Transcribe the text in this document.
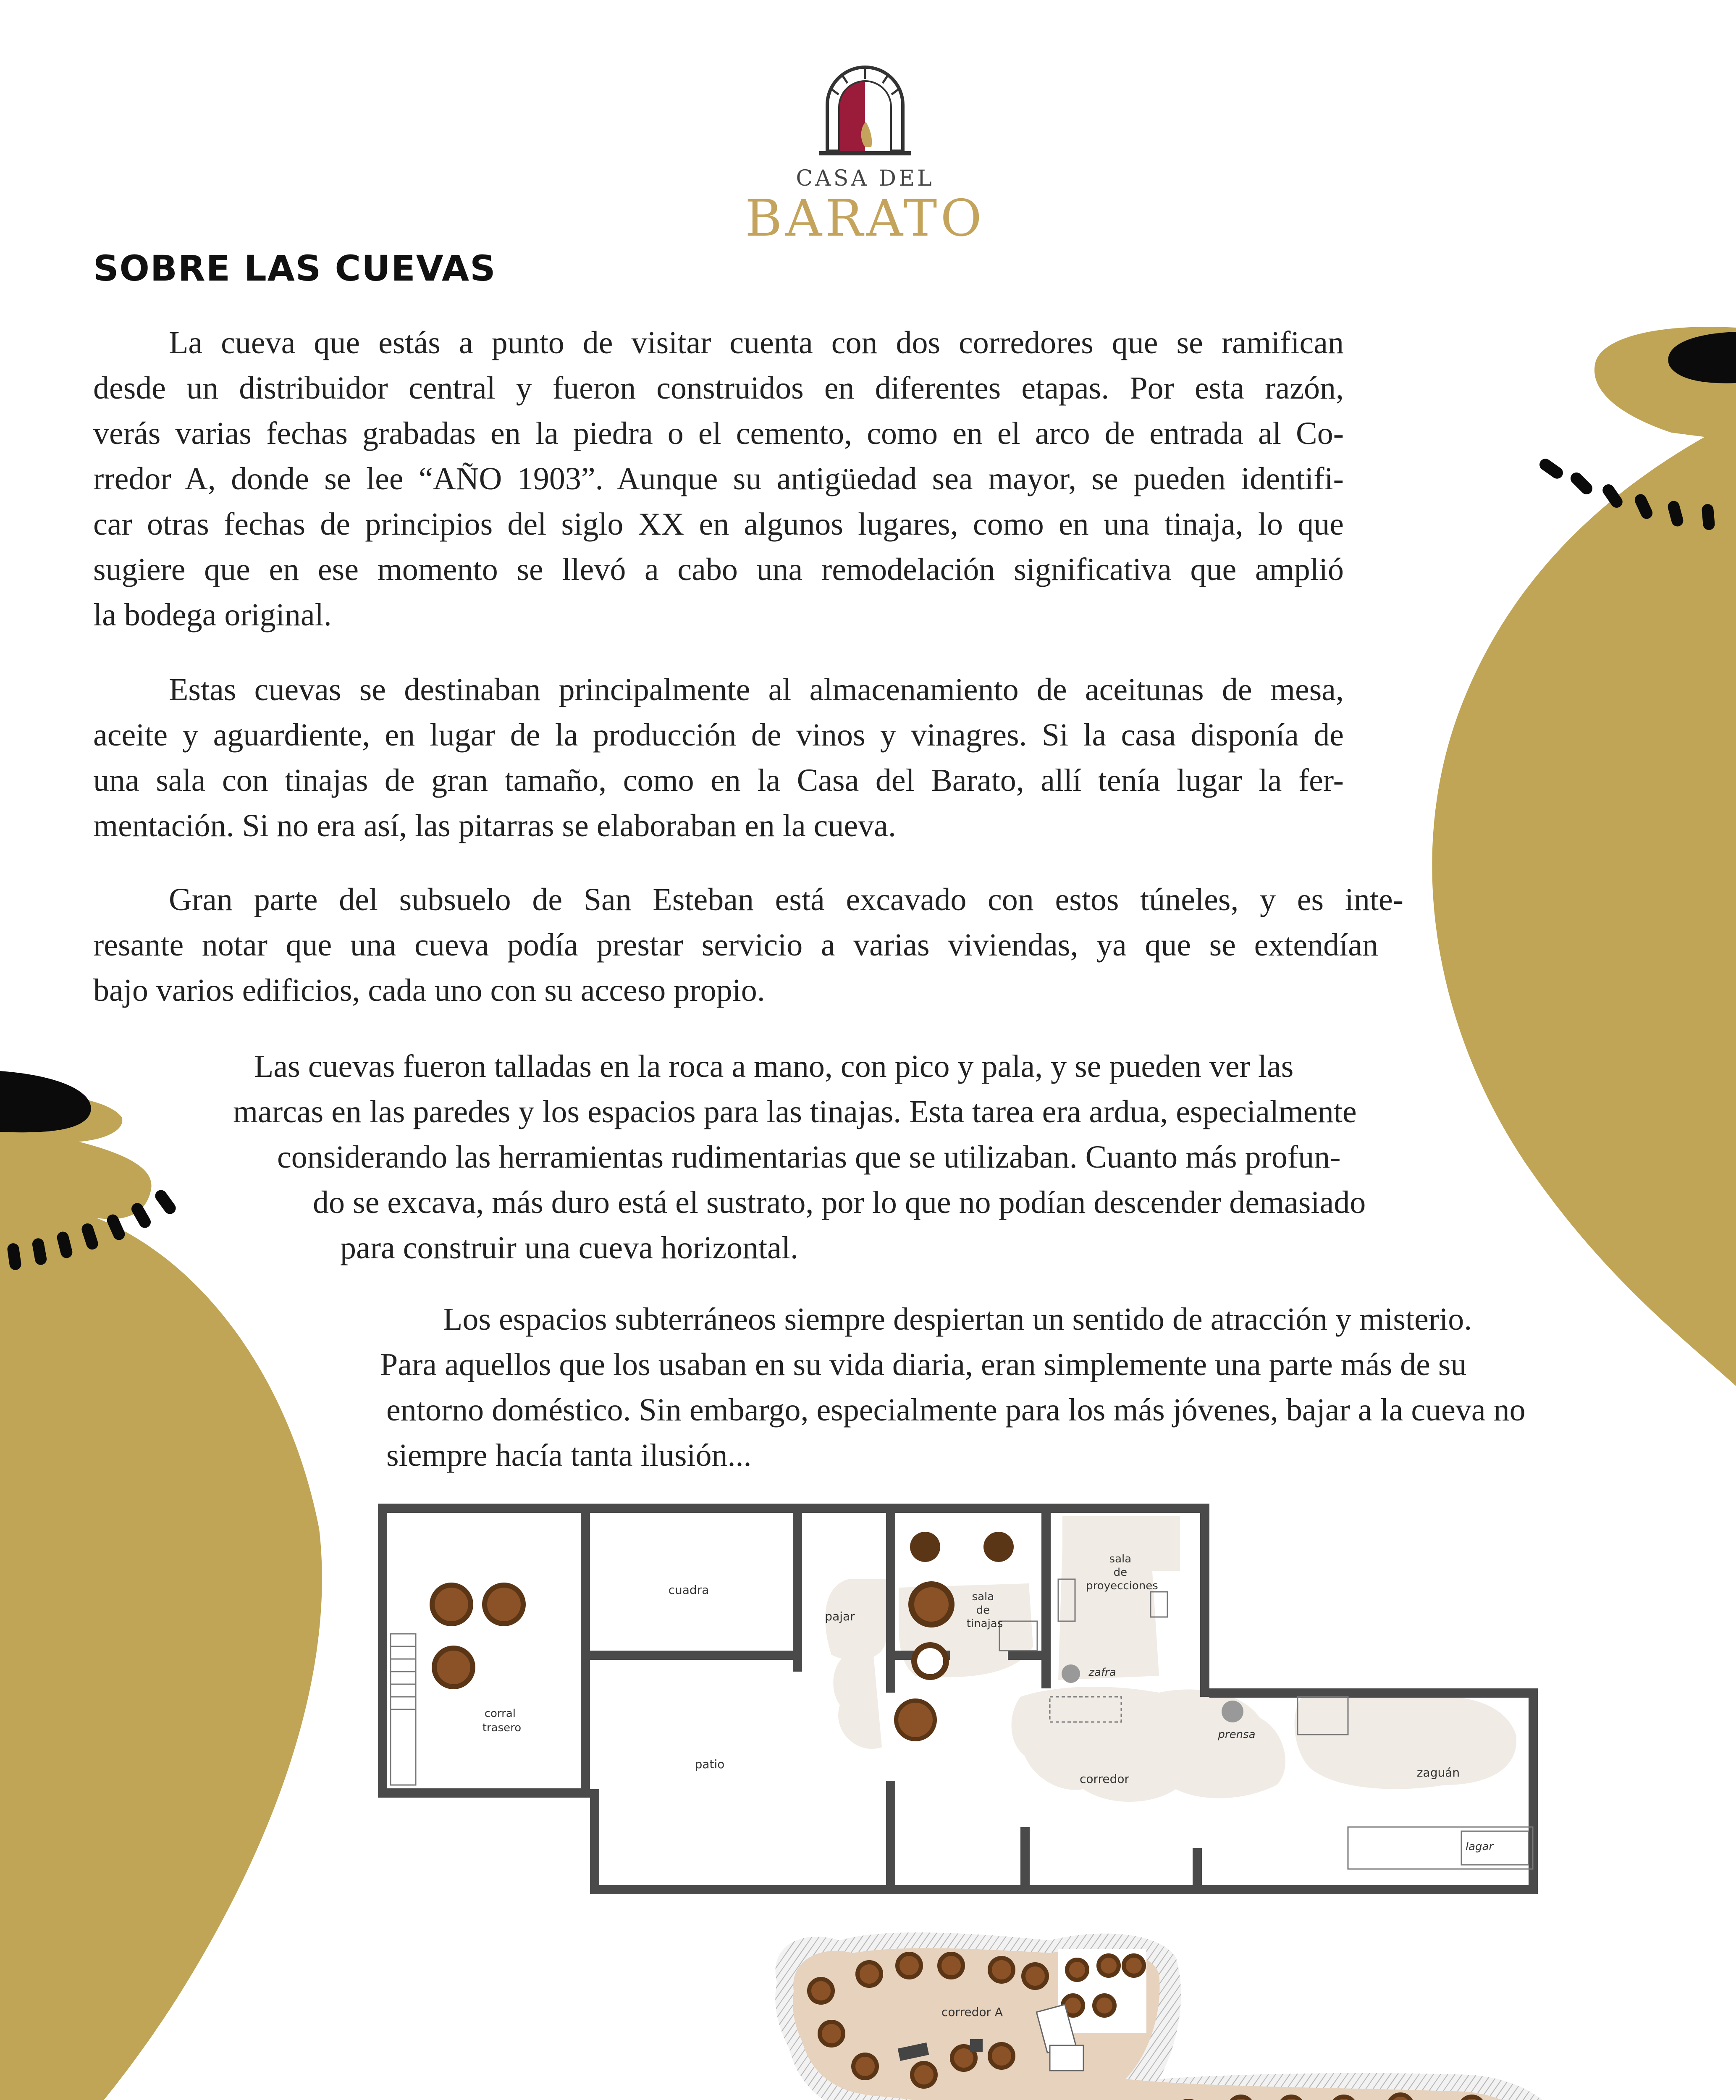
CASA DEL
BARATO
SOBRE LAS CUEVAS
La cueva que estás a punto de visitar cuenta con dos corredores que se ramifican
desde un distribuidor central y fueron construidos en diferentes etapas. Por esta razón,
verás varias fechas grabadas en la piedra o el cemento, como en el arco de entrada al Co-
rredor A, donde se lee “AÑO 1903”. Aunque su antigüedad sea mayor, se pueden identifi-
car otras fechas de principios del siglo XX en algunos lugares, como en una tinaja, lo que
sugiere que en ese momento se llevó a cabo una remodelación significativa que amplió
la bodega original.
Estas cuevas se destinaban principalmente al almacenamiento de aceitunas de mesa,
aceite y aguardiente, en lugar de la producción de vinos y vinagres. Si la casa disponía de
una sala con tinajas de gran tamaño, como en la Casa del Barato, allí tenía lugar la fer-
mentación. Si no era así, las pitarras se elaboraban en la cueva.
Gran parte del subsuelo de San Esteban está excavado con estos túneles, y es inte-
resante notar que una cueva podía prestar servicio a varias viviendas, ya que se extendían
bajo varios edificios, cada uno con su acceso propio.
Las cuevas fueron talladas en la roca a mano, con pico y pala, y se pueden ver las
marcas en las paredes y los espacios para las tinajas. Esta tarea era ardua, especialmente
considerando las herramientas rudimentarias que se utilizaban. Cuanto más profun-
do se excava, más duro está el sustrato, por lo que no podían descender demasiado
para construir una cueva horizontal.
Los espacios subterráneos siempre despiertan un sentido de atracción y misterio.
Para aquellos que los usaban en su vida diaria, eran simplemente una parte más de su
entorno doméstico. Sin embargo, especialmente para los más jóvenes, bajar a la cueva no
siempre hacía tanta ilusión...
cuadra
pajar
sala de tinajas
sala de proyecciones
zafra
corral trasero
patio
prensa
corredor	zaguán
lagar
corredor A
